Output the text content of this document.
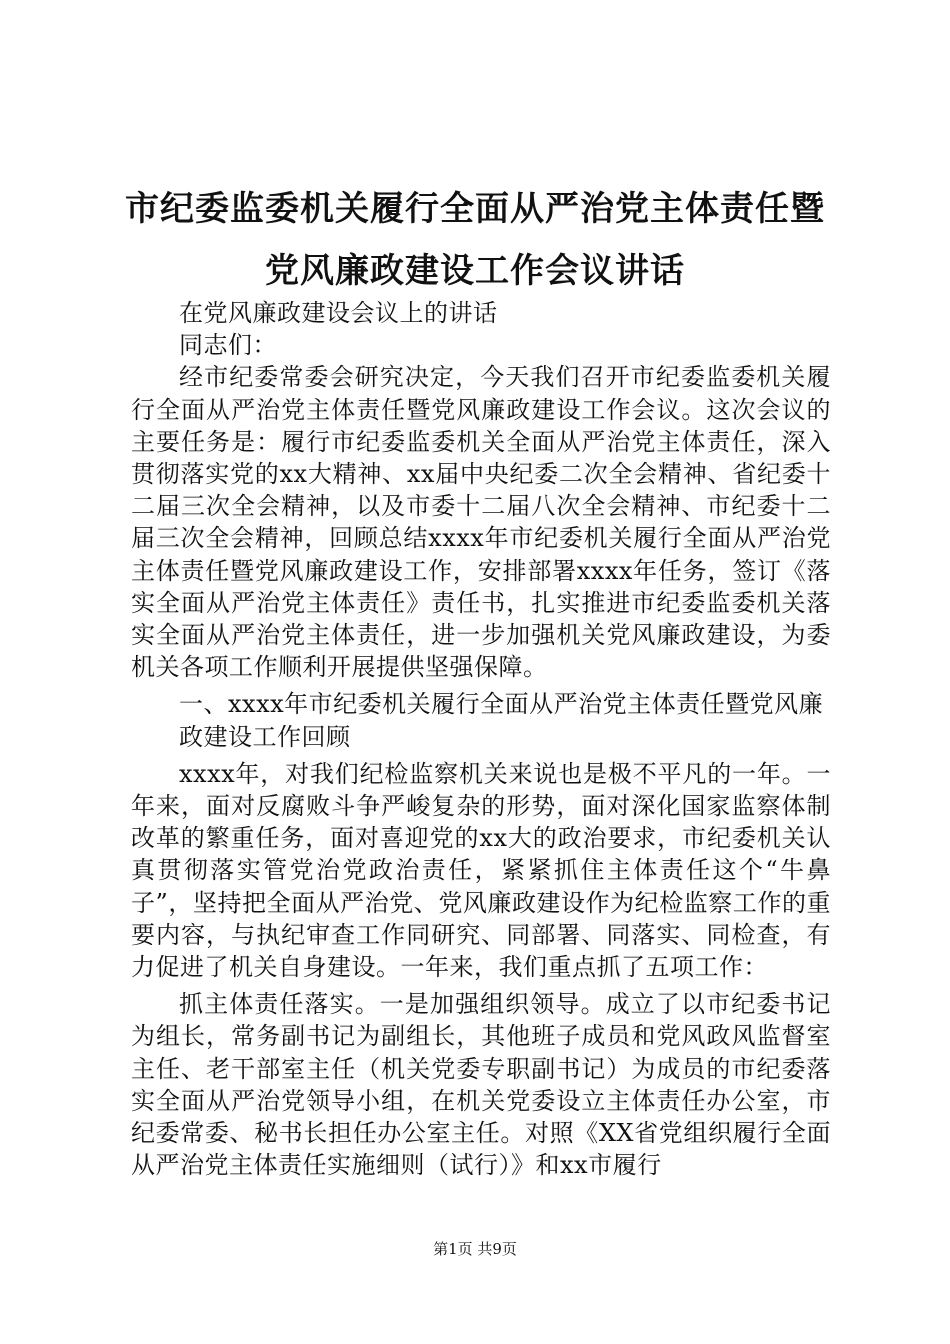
市纪委监委机关履行全面从严治党主体责任暨
党风廉政建设工作会议讲话

在党风廉政建设会议上的讲话

同志们：

经市纪委常委会研究决定，今天我们召开市纪委监委机关履行全面从严治党主体责任暨党风廉政建设工作会议。这次会议的主要任务是：履行市纪委监委机关全面从严治党主体责任，深入贯彻落实党的xx大精神、xx届中央纪委二次全会精神、省纪委十二届三次全会精神，以及市委十二届八次全会精神、市纪委十二届三次全会精神，回顾总结xxxx年市纪委机关履行全面从严治党主体责任暨党风廉政建设工作，安排部署xxxx年任务，签订《落实全面从严治党主体责任》责任书，扎实推进市纪委监委机关落实全面从严治党主体责任，进一步加强机关党风廉政建设，为委机关各项工作顺利开展提供坚强保障。

一、xxxx年市纪委机关履行全面从严治党主体责任暨党风廉

政建设工作回顾

xxxx年，对我们纪检监察机关来说也是极不平凡的一年。一年来，面对反腐败斗争严峻复杂的形势，面对深化国家监察体制改革的繁重任务，面对喜迎党的xx大的政治要求，市纪委机关认真贯彻落实管党治党政治责任，紧紧抓住主体责任这个“牛鼻子”，坚持把全面从严治党、党风廉政建设作为纪检监察工作的重要内容，与执纪审查工作同研究、同部署、同落实、同检查，有力促进了机关自身建设。一年来，我们重点抓了五项工作：

抓主体责任落实。一是加强组织领导。成立了以市纪委书记为组长，常务副书记为副组长，其他班子成员和党风政风监督室主任、老干部室主任（机关党委专职副书记）为成员的市纪委落实全面从严治党领导小组，在机关党委设立主体责任办公室，市纪委常委、秘书长担任办公室主任。对照《XX省党组织履行全面从严治党主体责任实施细则（试行）》和xx市履行

第1页 共9页
